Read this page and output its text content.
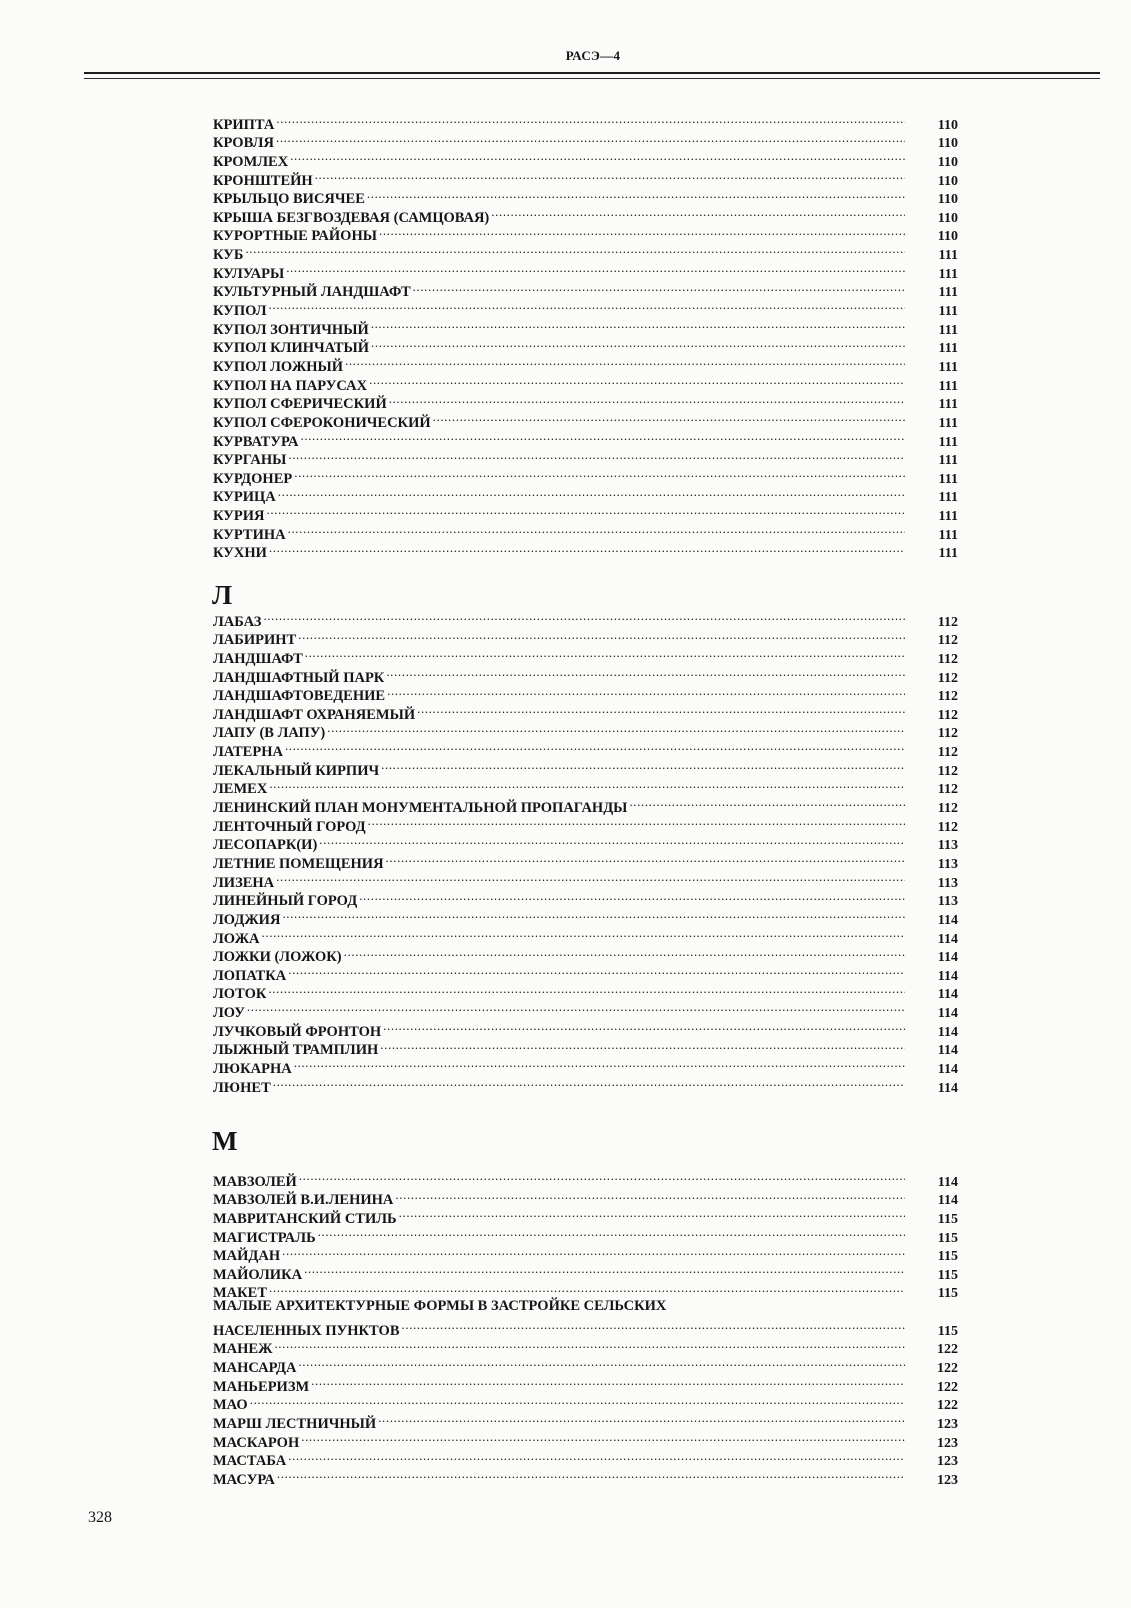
РАСЭ—4
КРИПТА .....	110
КРОВЛЯ .....	110
КРОМЛЕХ .....	110
КРОНШТЕЙН .....	110
КРЫЛЬЦО ВИСЯЧЕЕ .....	110
КРЫША БЕЗГВОЗДЕВАЯ (САМЦОВАЯ) .....	110
КУРОРТНЫЕ РАЙОНЫ .....	110
КУБ .....	111
КУЛУАРЫ .....	111
КУЛЬТУРНЫЙ ЛАНДШАФТ .....	111
КУПОЛ .....	111
КУПОЛ ЗОНТИЧНЫЙ .....	111
КУПОЛ КЛИНЧАТЫЙ .....	111
КУПОЛ ЛОЖНЫЙ .....	111
КУПОЛ НА ПАРУСАХ .....	111
КУПОЛ СФЕРИЧЕСКИЙ .....	111
КУПОЛ СФЕРОКОНИЧЕСКИЙ .....	111
КУРВАТУРА .....	111
КУРГАНЫ .....	111
КУРДОНЕР .....	111
КУРИЦА .....	111
КУРИЯ .....	111
КУРТИНА .....	111
КУХНИ .....	111
Л
ЛАБАЗ .....	112
ЛАБИРИНТ .....	112
ЛАНДШАФТ .....	112
ЛАНДШАФТНЫЙ ПАРК .....	112
ЛАНДШАФТОВЕДЕНИЕ .....	112
ЛАНДШАФТ ОХРАНЯЕМЫЙ .....	112
ЛАПУ (В ЛАПУ) .....	112
ЛАТЕРНА .....	112
ЛЕКАЛЬНЫЙ КИРПИЧ .....	112
ЛЕМЕХ .....	112
ЛЕНИНСКИЙ ПЛАН МОНУМЕНТАЛЬНОЙ ПРОПАГАНДЫ .....	112
ЛЕНТОЧНЫЙ ГОРОД .....	112
ЛЕСОПАРК(И) .....	113
ЛЕТНИЕ ПОМЕЩЕНИЯ .....	113
ЛИЗЕНА .....	113
ЛИНЕЙНЫЙ ГОРОД .....	113
ЛОДЖИЯ .....	114
ЛОЖА .....	114
ЛОЖКИ (ЛОЖОК) .....	114
ЛОПАТКА .....	114
ЛОТОК .....	114
ЛОУ .....	114
ЛУЧКОВЫЙ ФРОНТОН .....	114
ЛЫЖНЫЙ ТРАМПЛИН .....	114
ЛЮКАРНА .....	114
ЛЮНЕТ .....	114
М
МАВЗОЛЕЙ .....	114
МАВЗОЛЕЙ В.И.ЛЕНИНА .....	114
МАВРИТАНСКИЙ СТИЛЬ .....	115
МАГИСТРАЛЬ .....	115
МАЙДАН .....	115
МАЙОЛИКА .....	115
МАКЕТ .....	115
МАЛЫЕ АРХИТЕКТУРНЫЕ ФОРМЫ В ЗАСТРОЙКЕ СЕЛЬСКИХ
НАСЕЛЕННЫХ ПУНКТОВ .....	115
МАНЕЖ .....	122
МАНСАРДА .....	122
МАНЬЕРИЗМ .....	122
МАО .....	122
МАРШ ЛЕСТНИЧНЫЙ .....	123
МАСКАРОН .....	123
МАСТАБА .....	123
МАСУРА .....	123
328
